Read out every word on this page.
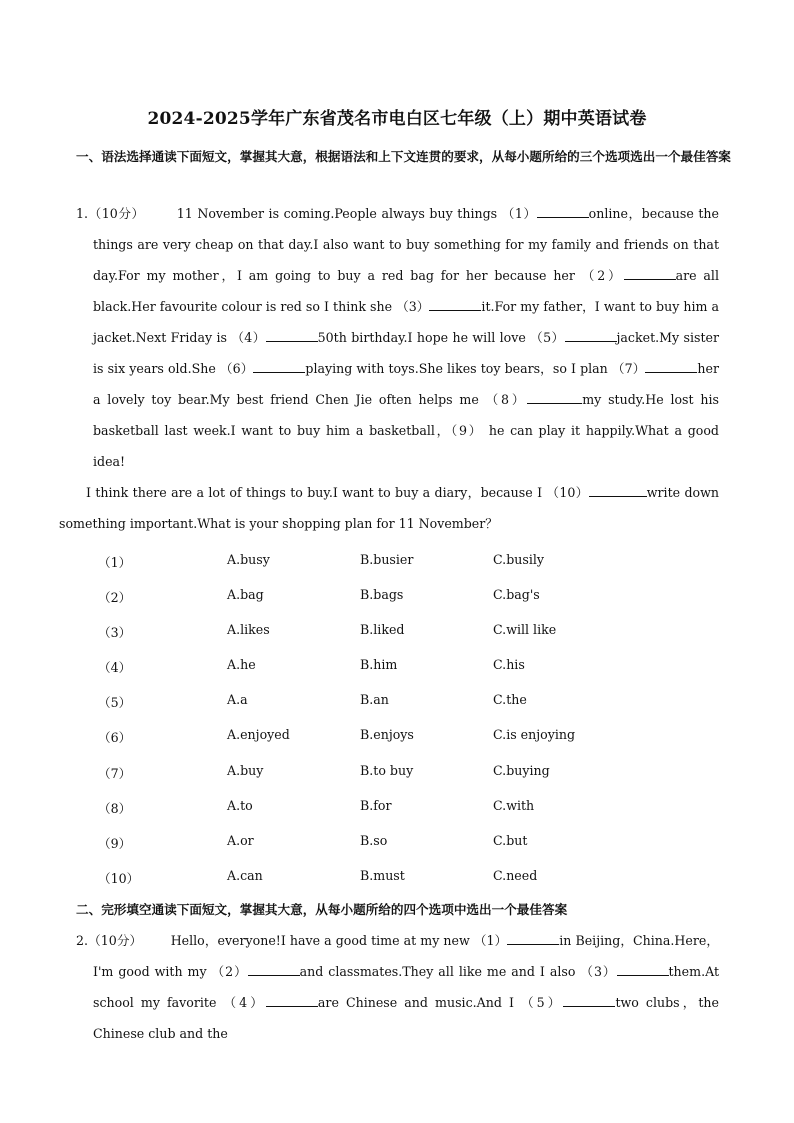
2024-2025学年广东省茂名市电白区七年级（上）期中英语试卷
一、语法选择通读下面短文，掌握其大意，根据语法和上下文连贯的要求，从每小题所给的三个选项选出一个最佳答案
1.（10分）	11 November is coming.People always buy things （1）	online，because the things are very cheap on that day.I also want to buy something for my family and friends on that day.For my mother，I am going to buy a red bag for her because her （2）	are all black.Her favourite colour is red so I think she （3）	it.For my father，I want to buy him a jacket.Next Friday is （4）	50th birthday.I hope he will love （5）	jacket.My sister is six years old.She （6）	playing with toys.She likes toy bears，so I plan （7）	her a lovely toy bear.My best friend Chen Jie often helps me （8）	my study.He lost his basketball last week.I want to buy him a basketball，（9） he can play it happily.What a good idea!
I think there are a lot of things to buy.I want to buy a diary，because I （10）	write down something important.What is your shopping plan for 11 November？
（1）	A.busy	B.busier	C.busily
（2）	A.bag	B.bags	C.bag's
（3）	A.likes	B.liked	C.will like
（4）	A.he	B.him	C.his
（5）	A.a	B.an	C.the
（6）	A.enjoyed	B.enjoys	C.is enjoying
（7）	A.buy	B.to buy	C.buying
（8）	A.to	B.for	C.with
（9）	A.or	B.so	C.but
（10）	A.can	B.must	C.need
二、完形填空通读下面短文，掌握其大意，从每小题所给的四个选项中选出一个最佳答案
2.（10分） Hello，everyone!I have a good time at my new （1）	in Beijing，China.Here，I'm good with my （2）	and classmates.They all like me and I also （3）	them.At school my favorite （4）	are Chinese and music.And I （5）	two clubs，the Chinese club and the
